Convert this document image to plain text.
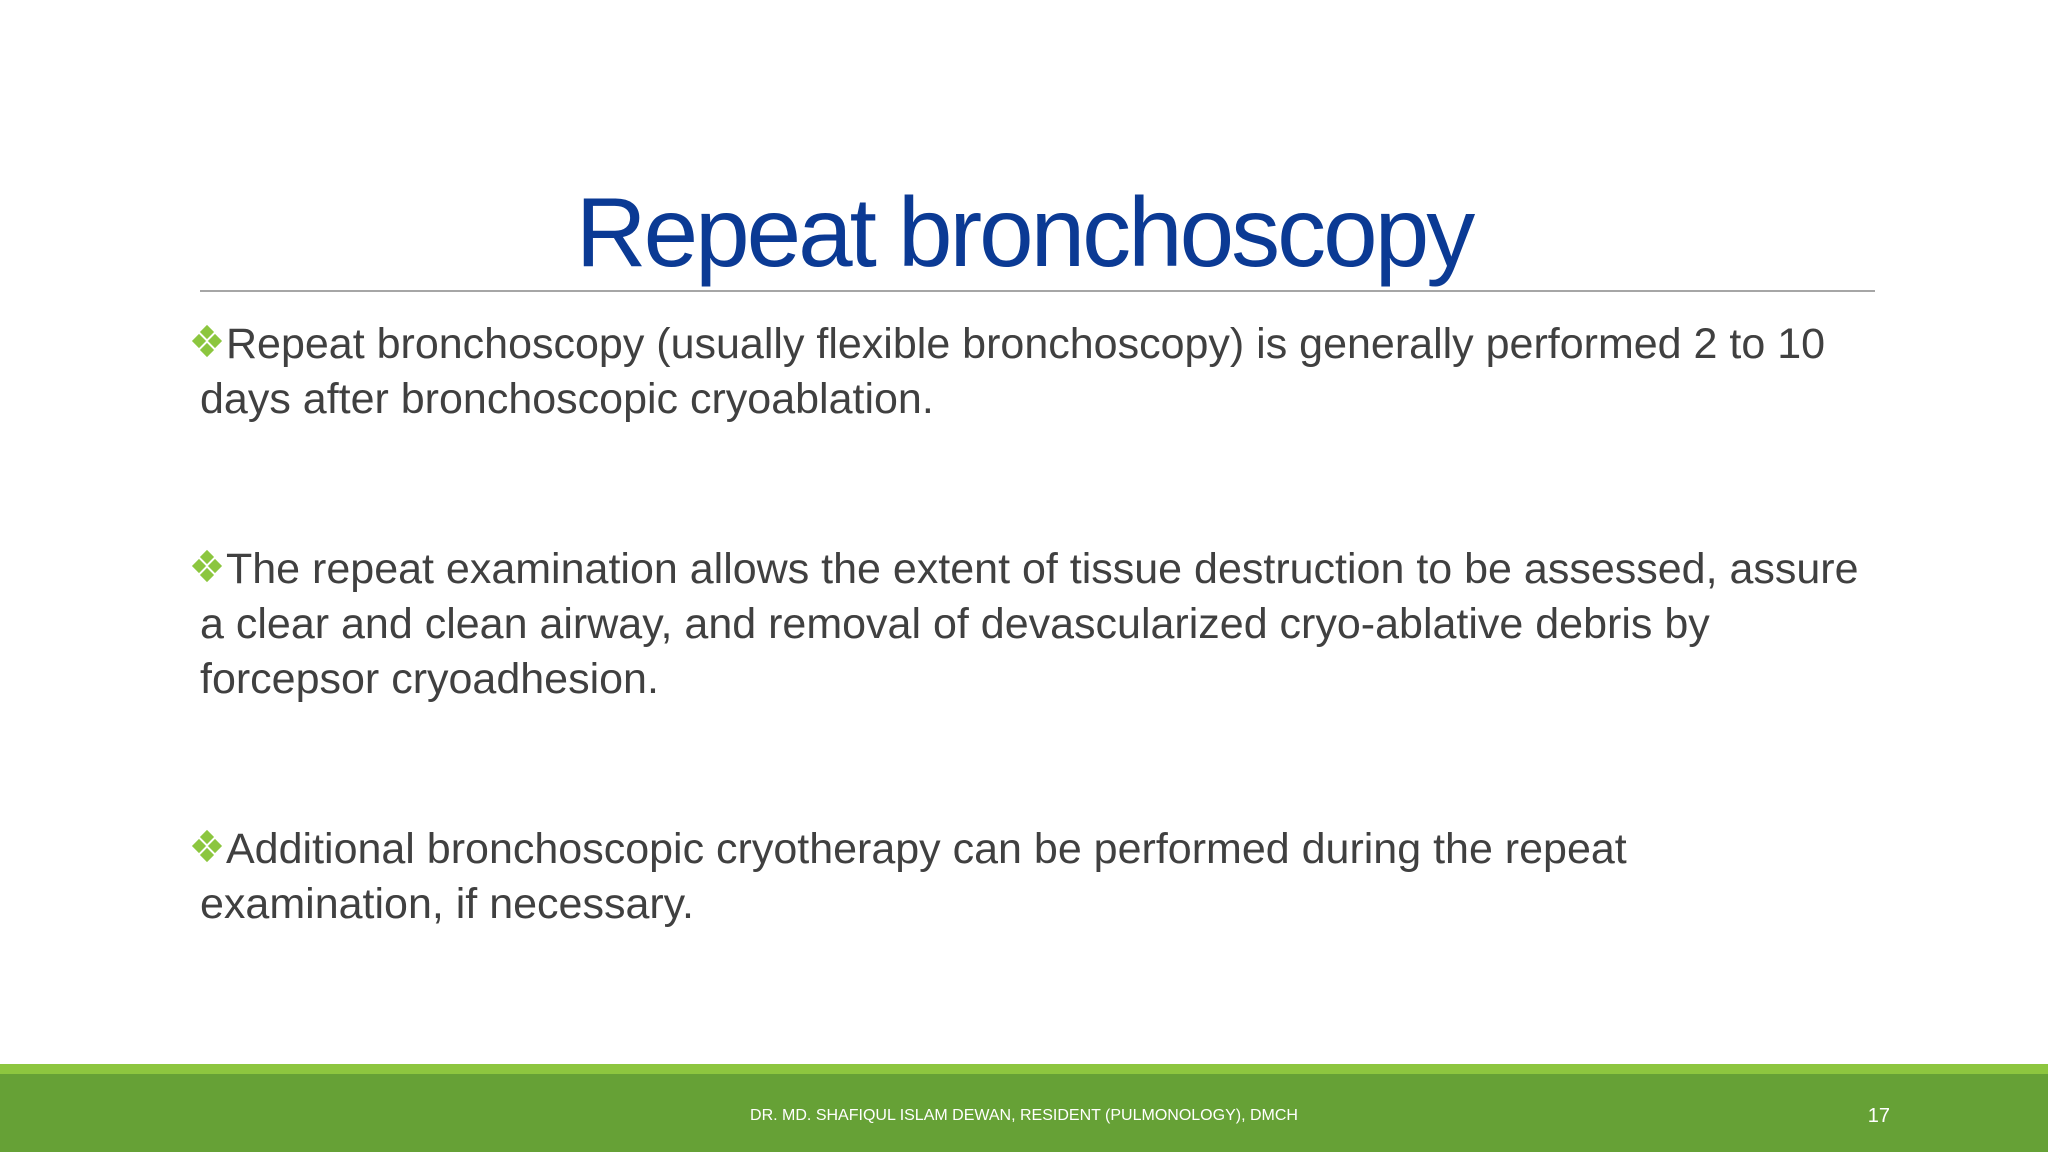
Repeat bronchoscopy
Repeat bronchoscopy (usually flexible bronchoscopy) is generally performed 2 to 10 days after bronchoscopic cryoablation.
The repeat examination allows the extent of tissue destruction to be assessed, assure a clear and clean airway, and removal of devascularized cryo-ablative debris by forcepsor cryoadhesion.
Additional bronchoscopic cryotherapy can be performed during the repeat examination, if necessary.
DR. MD. SHAFIQUL ISLAM DEWAN, RESIDENT (PULMONOLOGY), DMCH	17
